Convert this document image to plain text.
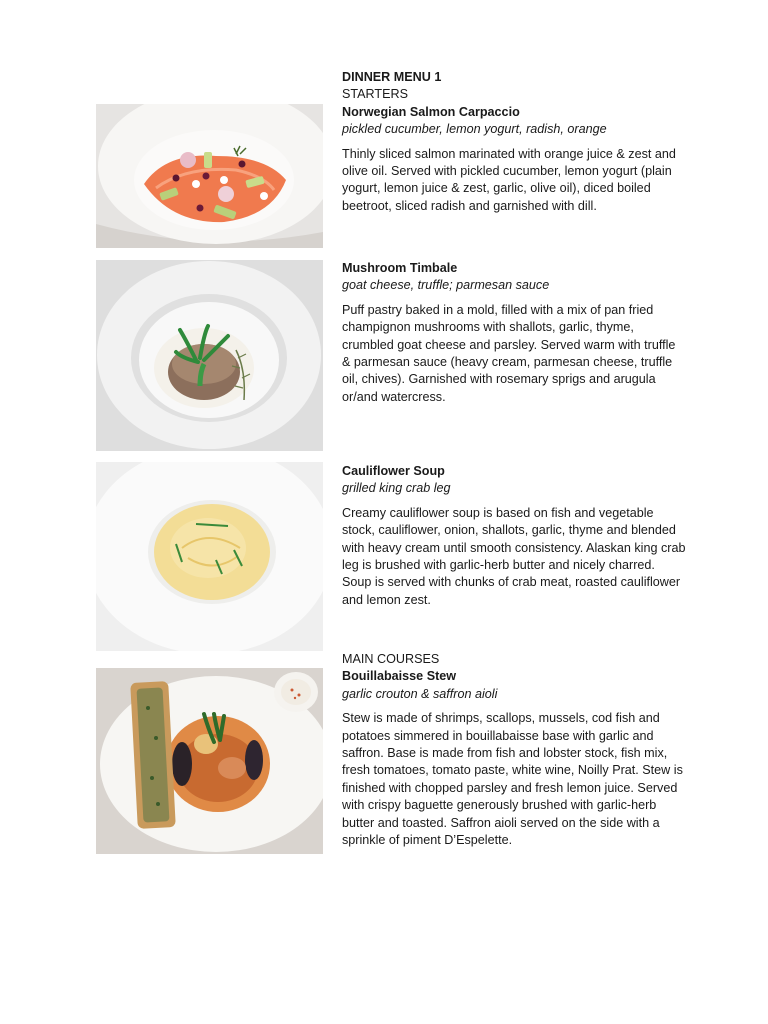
DINNER MENU 1

STARTERS

Norwegian Salmon Carpaccio

pickled cucumber, lemon yogurt, radish, orange

Thinly sliced salmon marinated with orange juice & zest and olive oil. Served with pickled cucumber, lemon yogurt (plain yogurt, lemon juice & zest, garlic, olive oil), diced boiled beetroot, sliced radish and garnished with dill.

Mushroom Timbale

goat cheese, truffle; parmesan sauce

Puff pastry baked in a mold, filled with a mix of pan fried champignon mushrooms with shallots, garlic, thyme, crumbled goat cheese and parsley. Served warm with truffle & parmesan sauce (heavy cream, parmesan cheese, truffle oil, chives). Garnished with rosemary sprigs and arugula or/and watercress.

Cauliflower Soup

grilled king crab leg

Creamy cauliflower soup is based on fish and vegetable stock, cauliflower, onion, shallots, garlic, thyme and blended with heavy cream until smooth consistency. Alaskan king crab leg is brushed with garlic-herb butter and nicely charred. Soup is served with chunks of crab meat, roasted cauliflower and lemon zest.

MAIN COURSES

Bouillabaisse Stew

garlic crouton & saffron aioli

Stew is made of shrimps, scallops, mussels, cod fish and potatoes simmered in bouillabaisse base with garlic and saffron. Base is made from fish and lobster stock, fish mix, fresh tomatoes, tomato paste, white wine, Noilly Prat. Stew is finished with chopped parsley and fresh lemon juice. Served with crispy baguette generously brushed with garlic-herb butter and toasted. Saffron aioli served on the side with a sprinkle of piment D’Espelette.
